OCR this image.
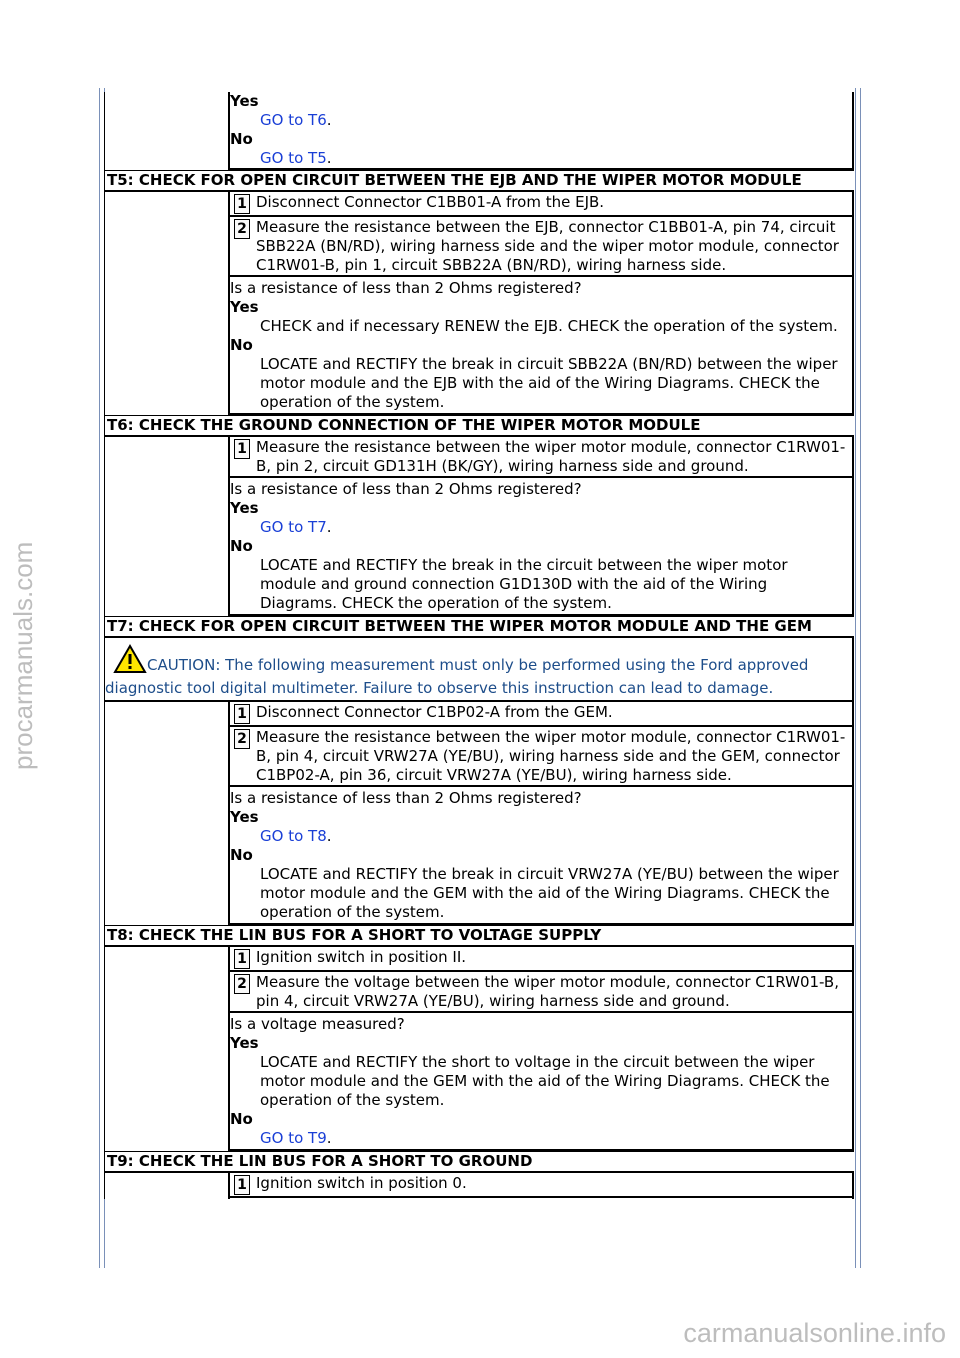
Yes
GO to T6.
No
GO to T5.
T5: CHECK FOR OPEN CIRCUIT BETWEEN THE EJB AND THE WIPER MOTOR MODULE
1 Disconnect Connector C1BB01-A from the EJB.
2 Measure the resistance between the EJB, connector C1BB01-A, pin 74, circuit SBB22A (BN/RD), wiring harness side and the wiper motor module, connector C1RW01-B, pin 1, circuit SBB22A (BN/RD), wiring harness side.
Is a resistance of less than 2 Ohms registered?
Yes
CHECK and if necessary RENEW the EJB. CHECK the operation of the system.
No
LOCATE and RECTIFY the break in circuit SBB22A (BN/RD) between the wiper motor module and the EJB with the aid of the Wiring Diagrams. CHECK the operation of the system.
T6: CHECK THE GROUND CONNECTION OF THE WIPER MOTOR MODULE
1 Measure the resistance between the wiper motor module, connector C1RW01-B, pin 2, circuit GD131H (BK/GY), wiring harness side and ground.
Is a resistance of less than 2 Ohms registered?
Yes
GO to T7.
No
LOCATE and RECTIFY the break in the circuit between the wiper motor module and ground connection G1D130D with the aid of the Wiring Diagrams. CHECK the operation of the system.
T7: CHECK FOR OPEN CIRCUIT BETWEEN THE WIPER MOTOR MODULE AND THE GEM
CAUTION: The following measurement must only be performed using the Ford approved diagnostic tool digital multimeter. Failure to observe this instruction can lead to damage.
1 Disconnect Connector C1BP02-A from the GEM.
2 Measure the resistance between the wiper motor module, connector C1RW01-B, pin 4, circuit VRW27A (YE/BU), wiring harness side and the GEM, connector C1BP02-A, pin 36, circuit VRW27A (YE/BU), wiring harness side.
Is a resistance of less than 2 Ohms registered?
Yes
GO to T8.
No
LOCATE and RECTIFY the break in circuit VRW27A (YE/BU) between the wiper motor module and the GEM with the aid of the Wiring Diagrams. CHECK the operation of the system.
T8: CHECK THE LIN BUS FOR A SHORT TO VOLTAGE SUPPLY
1 Ignition switch in position II.
2 Measure the voltage between the wiper motor module, connector C1RW01-B, pin 4, circuit VRW27A (YE/BU), wiring harness side and ground.
Is a voltage measured?
Yes
LOCATE and RECTIFY the short to voltage in the circuit between the wiper motor module and the GEM with the aid of the Wiring Diagrams. CHECK the operation of the system.
No
GO to T9.
T9: CHECK THE LIN BUS FOR A SHORT TO GROUND
1 Ignition switch in position 0.
procarmanuals.com
carmanualsonline.info
